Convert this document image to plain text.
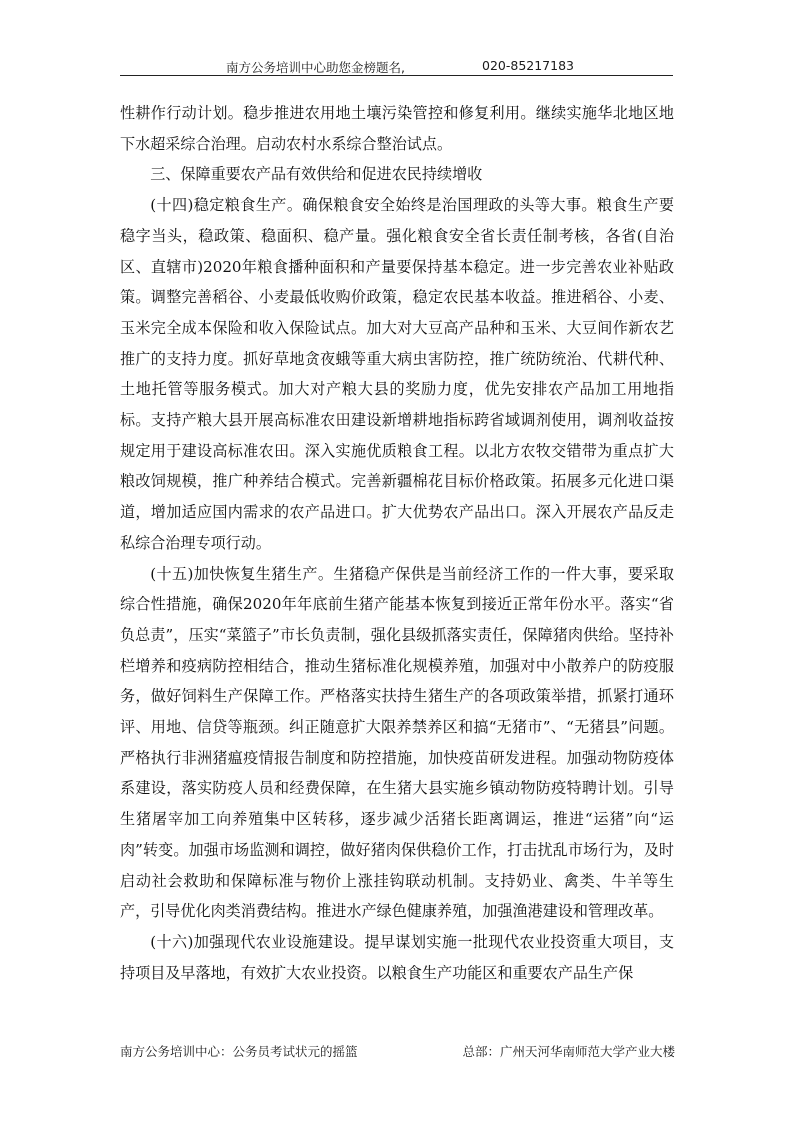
南方公务培训中心助您金榜题名,	020-85217183

性耕作行动计划。稳步推进农用地土壤污染管控和修复利用。继续实施华北地区地下水超采综合治理。启动农村水系综合整治试点。

三、保障重要农产品有效供给和促进农民持续增收

(十四)稳定粮食生产。确保粮食安全始终是治国理政的头等大事。粮食生产要稳字当头，稳政策、稳面积、稳产量。强化粮食安全省长责任制考核，各省(自治区、直辖市)2020年粮食播种面积和产量要保持基本稳定。进一步完善农业补贴政策。调整完善稻谷、小麦最低收购价政策，稳定农民基本收益。推进稻谷、小麦、玉米完全成本保险和收入保险试点。加大对大豆高产品种和玉米、大豆间作新农艺推广的支持力度。抓好草地贪夜蛾等重大病虫害防控，推广统防统治、代耕代种、土地托管等服务模式。加大对产粮大县的奖励力度，优先安排农产品加工用地指标。支持产粮大县开展高标准农田建设新增耕地指标跨省域调剂使用，调剂收益按规定用于建设高标准农田。深入实施优质粮食工程。以北方农牧交错带为重点扩大粮改饲规模，推广种养结合模式。完善新疆棉花目标价格政策。拓展多元化进口渠道，增加适应国内需求的农产品进口。扩大优势农产品出口。深入开展农产品反走私综合治理专项行动。

(十五)加快恢复生猪生产。生猪稳产保供是当前经济工作的一件大事，要采取综合性措施，确保2020年年底前生猪产能基本恢复到接近正常年份水平。落实“省负总责”，压实“菜篮子”市长负责制，强化县级抓落实责任，保障猪肉供给。坚持补栏增养和疫病防控相结合，推动生猪标准化规模养殖，加强对中小散养户的防疫服务，做好饲料生产保障工作。严格落实扶持生猪生产的各项政策举措，抓紧打通环评、用地、信贷等瓶颈。纠正随意扩大限养禁养区和搞“无猪市”、“无猪县”问题。严格执行非洲猪瘟疫情报告制度和防控措施，加快疫苗研发进程。加强动物防疫体系建设，落实防疫人员和经费保障，在生猪大县实施乡镇动物防疫特聘计划。引导生猪屠宰加工向养殖集中区转移，逐步减少活猪长距离调运，推进“运猪”向“运肉”转变。加强市场监测和调控，做好猪肉保供稳价工作，打击扰乱市场行为，及时启动社会救助和保障标准与物价上涨挂钩联动机制。支持奶业、禽类、牛羊等生产，引导优化肉类消费结构。推进水产绿色健康养殖，加强渔港建设和管理改革。

(十六)加强现代农业设施建设。提早谋划实施一批现代农业投资重大项目，支持项目及早落地，有效扩大农业投资。以粮食生产功能区和重要农产品生产保

南方公务培训中心：公务员考试状元的摇篮	总部：广州天河华南师范大学产业大楼
